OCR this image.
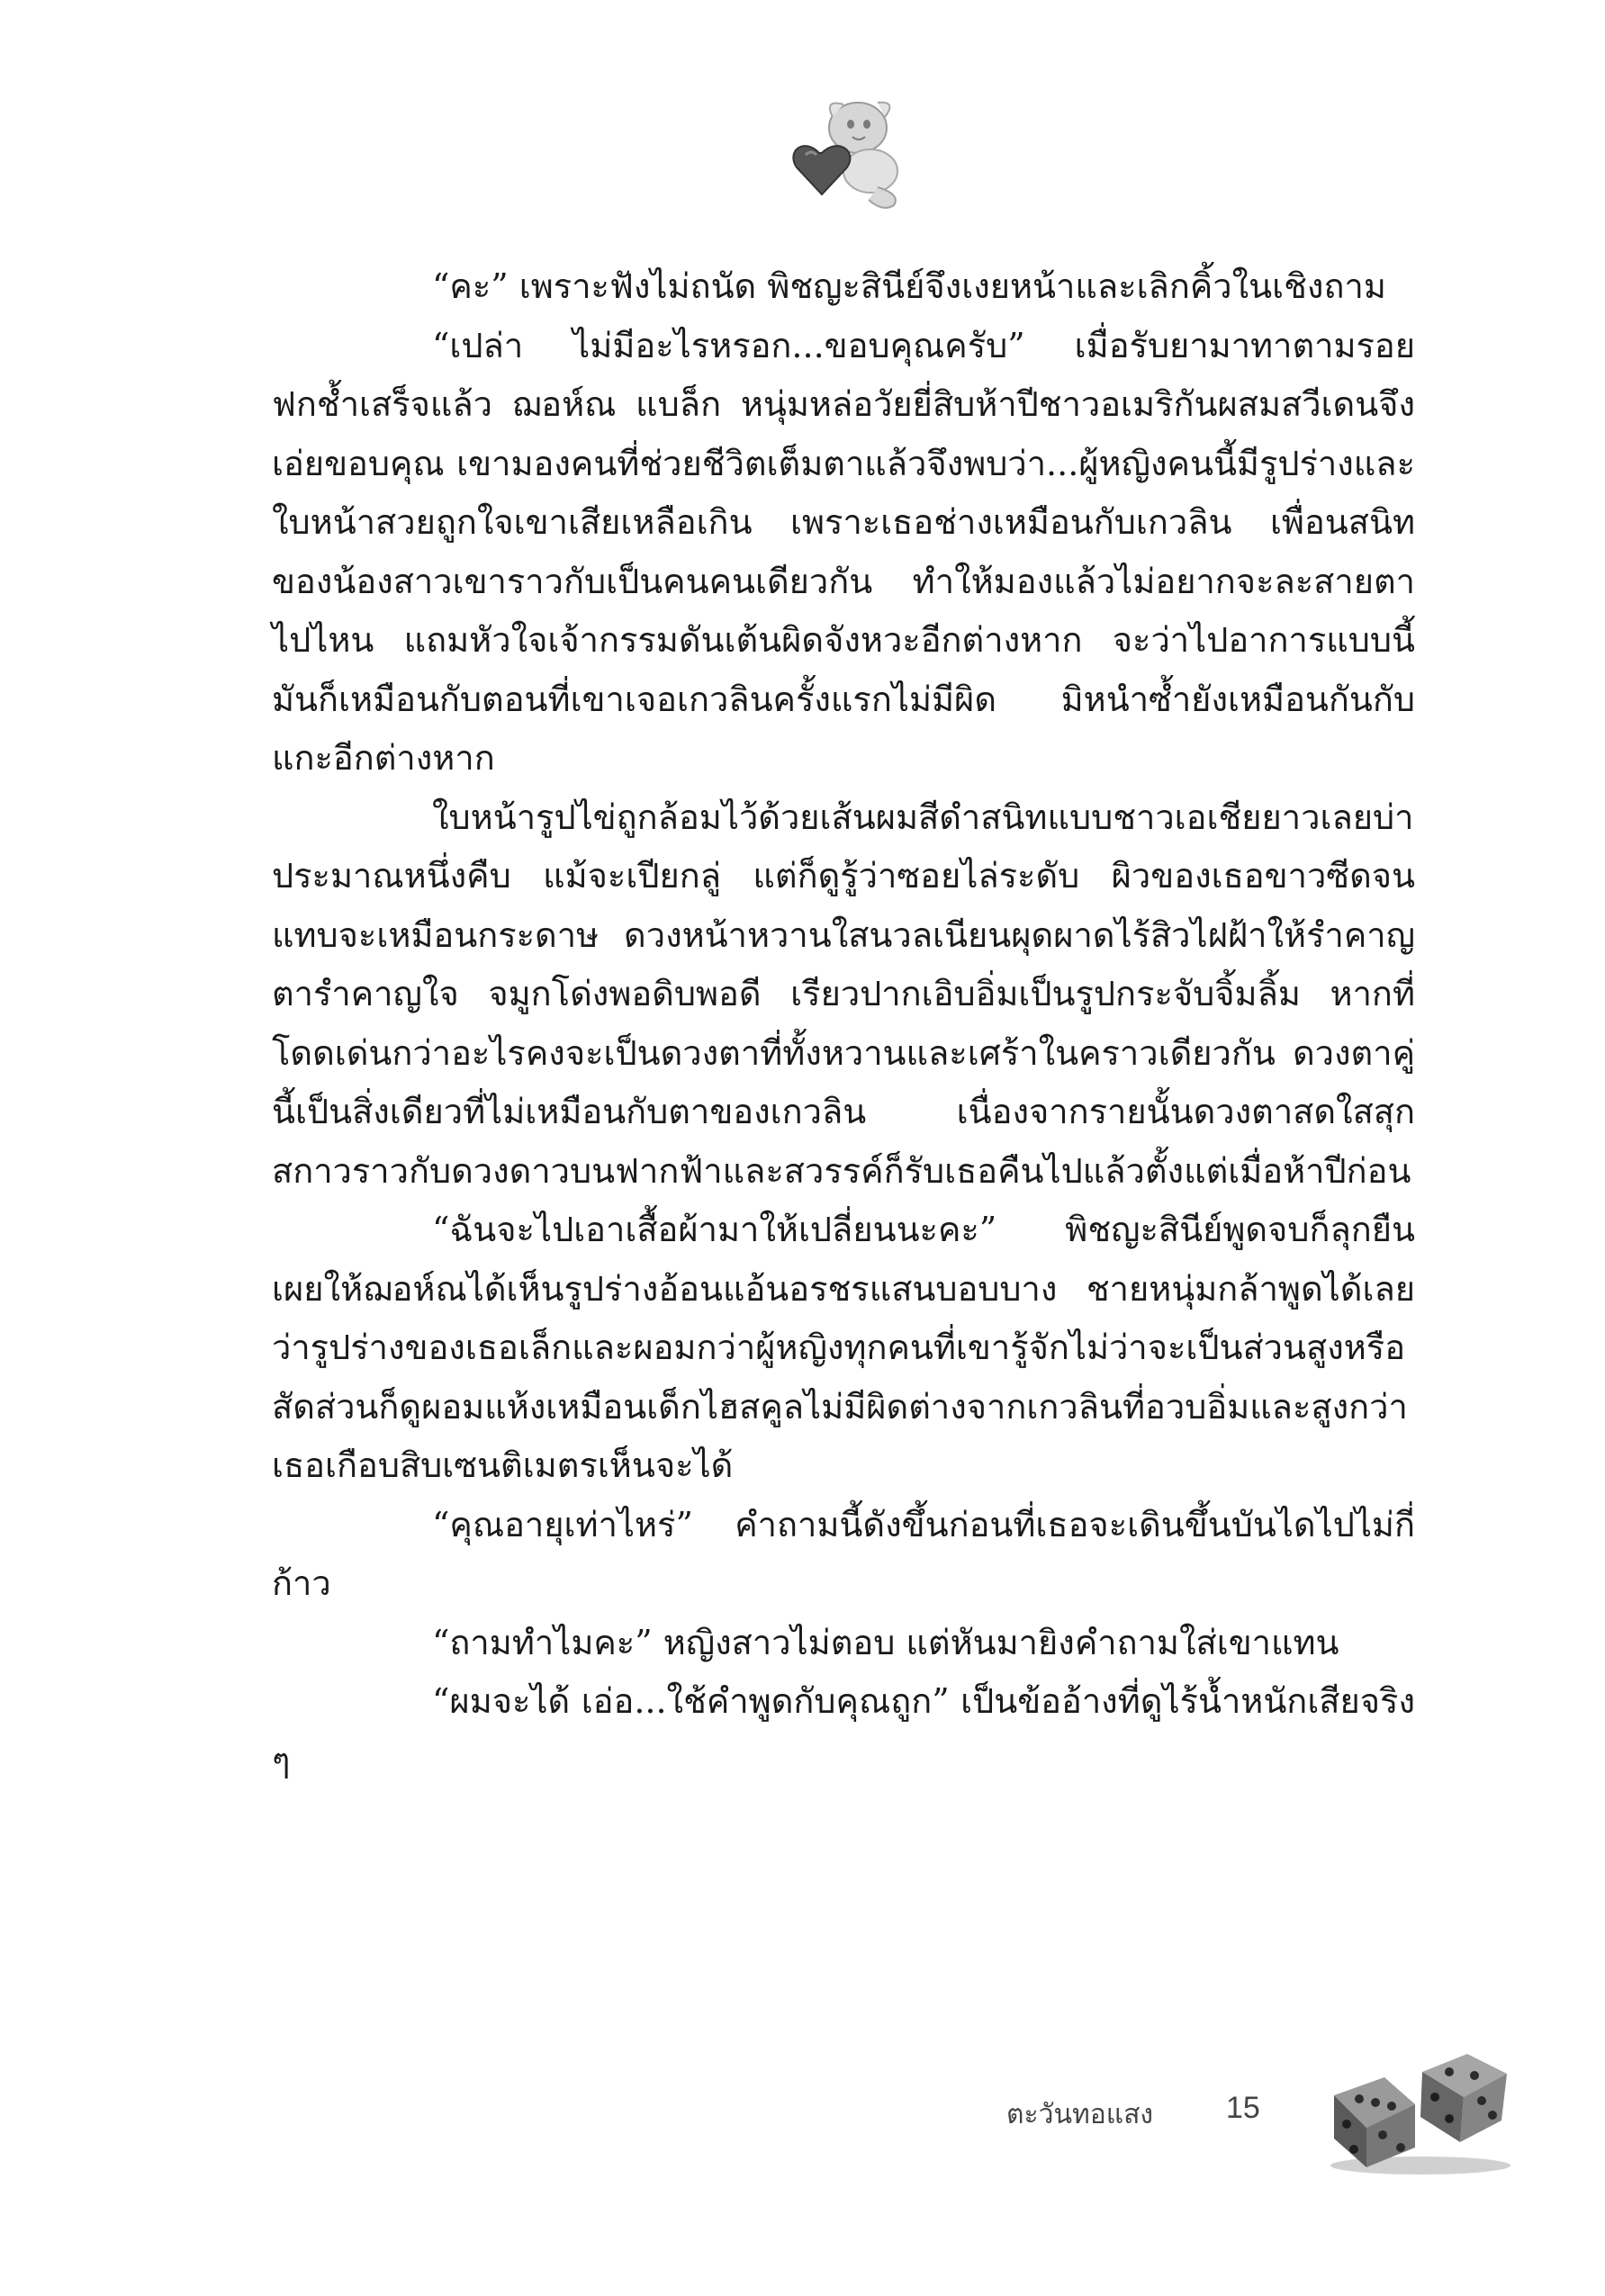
“คะ” เพราะฟังไม่ถนัด พิชญะสินีย์จึงเงยหน้าและเลิกคิ้วในเชิงถาม

“เปล่า ไม่มีอะไรหรอก...ขอบคุณครับ” เมื่อรับยามาทาตามรอยฟกช้ำเสร็จแล้ว ฌอห์ณ แบล็ก หนุ่มหล่อวัยยี่สิบห้าปีชาวอเมริกันผสมสวีเดนจึงเอ่ยขอบคุณ เขามองคนที่ช่วยชีวิตเต็มตาแล้วจึงพบว่า...ผู้หญิงคนนี้มีรูปร่างและใบหน้าสวยถูกใจเขาเสียเหลือเกิน เพราะเธอช่างเหมือนกับเกวลิน เพื่อนสนิทของน้องสาวเขาราวกับเป็นคนคนเดียวกัน ทำให้มองแล้วไม่อยากจะละสายตาไปไหน แถมหัวใจเจ้ากรรมดันเต้นผิดจังหวะอีกต่างหาก จะว่าไปอาการแบบนี้มันก็เหมือนกับตอนที่เขาเจอเกวลินครั้งแรกไม่มีผิด มิหนำซ้ำยังเหมือนกันกับแกะอีกต่างหาก

ใบหน้ารูปไข่ถูกล้อมไว้ด้วยเส้นผมสีดำสนิทแบบชาวเอเชียยาวเลยบ่าประมาณหนึ่งคืบ แม้จะเปียกลู่ แต่ก็ดูรู้ว่าซอยไล่ระดับ ผิวของเธอขาวซีดจนแทบจะเหมือนกระดาษ ดวงหน้าหวานใสนวลเนียนผุดผาดไร้สิวไฝฝ้าให้รำคาญตารำคาญใจ จมูกโด่งพอดิบพอดี เรียวปากเอิบอิ่มเป็นรูปกระจับจิ้มลิ้ม หากที่โดดเด่นกว่าอะไรคงจะเป็นดวงตาที่ทั้งหวานและเศร้าในคราวเดียวกัน ดวงตาคู่นี้เป็นสิ่งเดียวที่ไม่เหมือนกับตาของเกวลิน เนื่องจากรายนั้นดวงตาสดใสสุกสกาวราวกับดวงดาวบนฟากฟ้าและสวรรค์ก็รับเธอคืนไปแล้วตั้งแต่เมื่อห้าปีก่อน

“ฉันจะไปเอาเสื้อผ้ามาให้เปลี่ยนนะคะ” พิชญะสินีย์พูดจบก็ลุกยืน เผยให้ฌอห์ณได้เห็นรูปร่างอ้อนแอ้นอรชรแสนบอบบาง ชายหนุ่มกล้าพูดได้เลยว่ารูปร่างของเธอเล็กและผอมกว่าผู้หญิงทุกคนที่เขารู้จักไม่ว่าจะเป็นส่วนสูงหรือสัดส่วนก็ดูผอมแห้งเหมือนเด็กไฮสคูลไม่มีผิดต่างจากเกวลินที่อวบอิ่มและสูงกว่าเธอเกือบสิบเซนติเมตรเห็นจะได้

“คุณอายุเท่าไหร่” คำถามนี้ดังขึ้นก่อนที่เธอจะเดินขึ้นบันไดไปไม่กี่ก้าว

“ถามทำไมคะ” หญิงสาวไม่ตอบ แต่หันมายิงคำถามใส่เขาแทน

“ผมจะได้ เอ่อ...ใช้คำพูดกับคุณถูก” เป็นข้ออ้างที่ดูไร้น้ำหนักเสียจริง ๆ

ตะวันทอแสง 15
